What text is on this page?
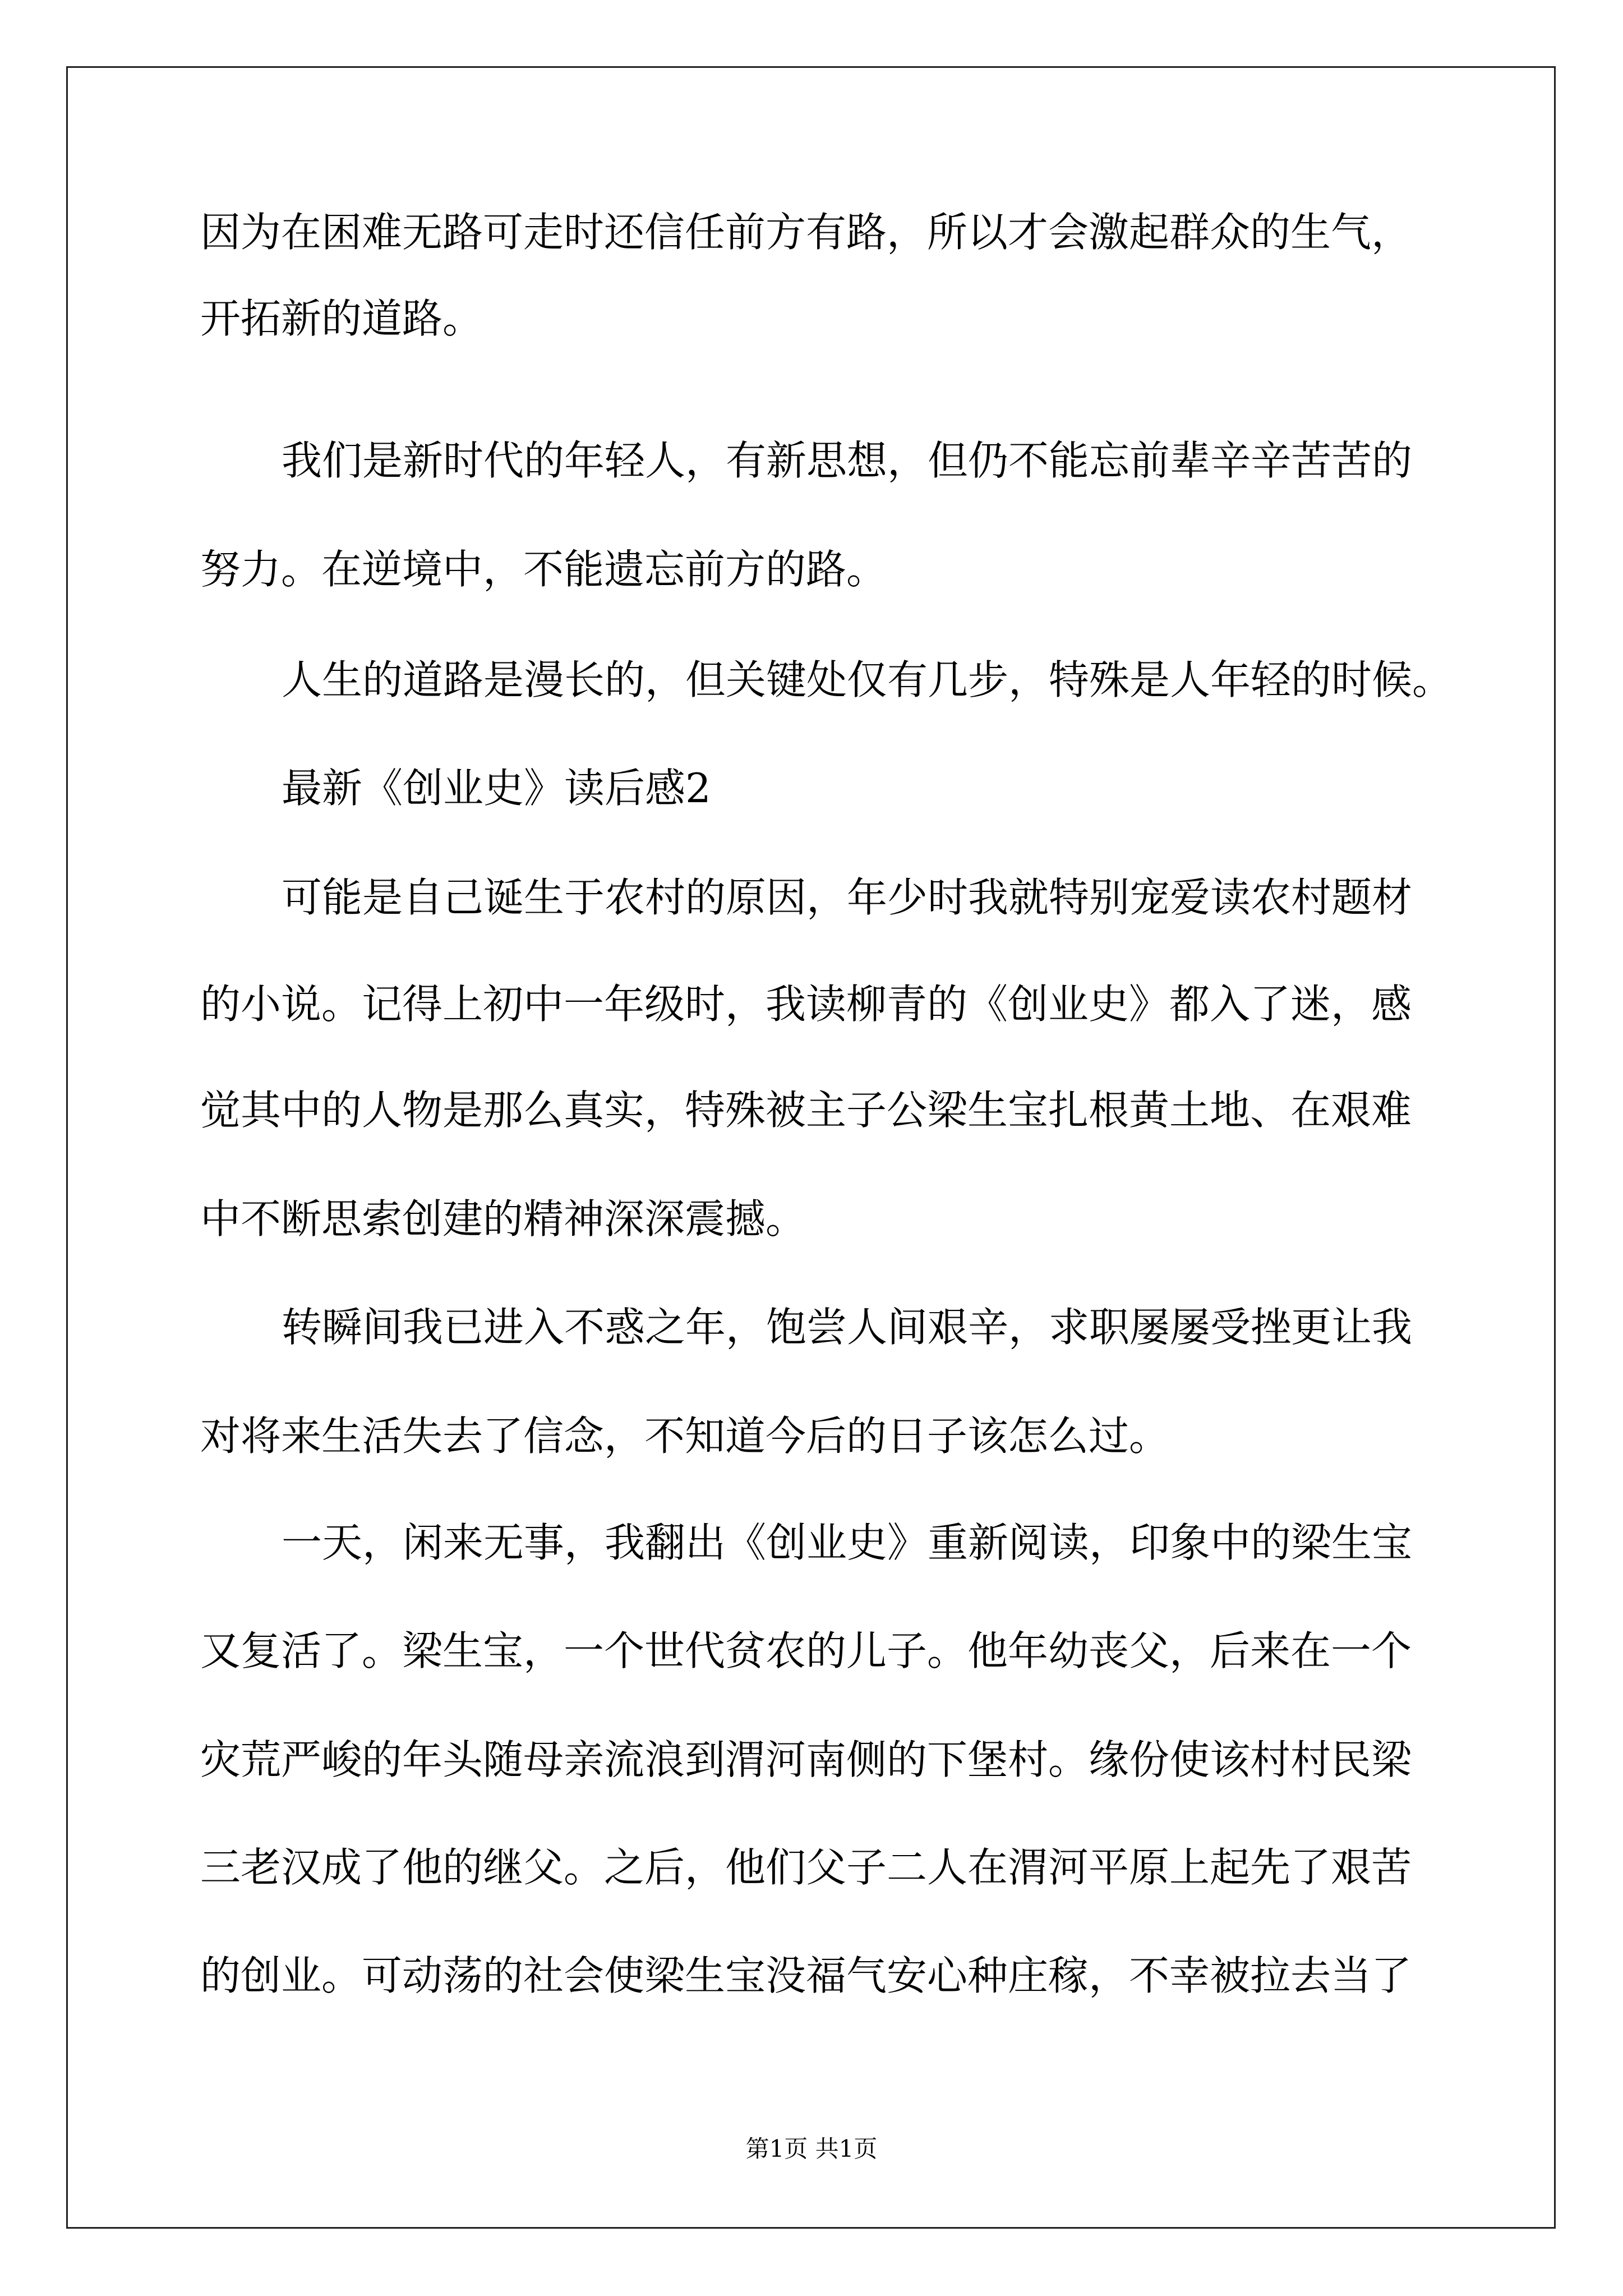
因为在困难无路可走时还信任前方有路，所以才会激起群众的生气，

开拓新的道路。

我们是新时代的年轻人，有新思想，但仍不能忘前辈辛辛苦苦的

努力。在逆境中，不能遗忘前方的路。

人生的道路是漫长的，但关键处仅有几步，特殊是人年轻的时候。

最新《创业史》读后感2

可能是自己诞生于农村的原因，年少时我就特别宠爱读农村题材

的小说。记得上初中一年级时，我读柳青的《创业史》都入了迷，感

觉其中的人物是那么真实，特殊被主子公梁生宝扎根黄土地、在艰难

中不断思索创建的精神深深震撼。

转瞬间我已进入不惑之年，饱尝人间艰辛，求职屡屡受挫更让我

对将来生活失去了信念，不知道今后的日子该怎么过。

一天，闲来无事，我翻出《创业史》重新阅读，印象中的梁生宝

又复活了。梁生宝，一个世代贫农的儿子。他年幼丧父，后来在一个

灾荒严峻的年头随母亲流浪到渭河南侧的下堡村。缘份使该村村民梁

三老汉成了他的继父。之后，他们父子二人在渭河平原上起先了艰苦

的创业。可动荡的社会使梁生宝没福气安心种庄稼，不幸被拉去当了

第1页 共1页
